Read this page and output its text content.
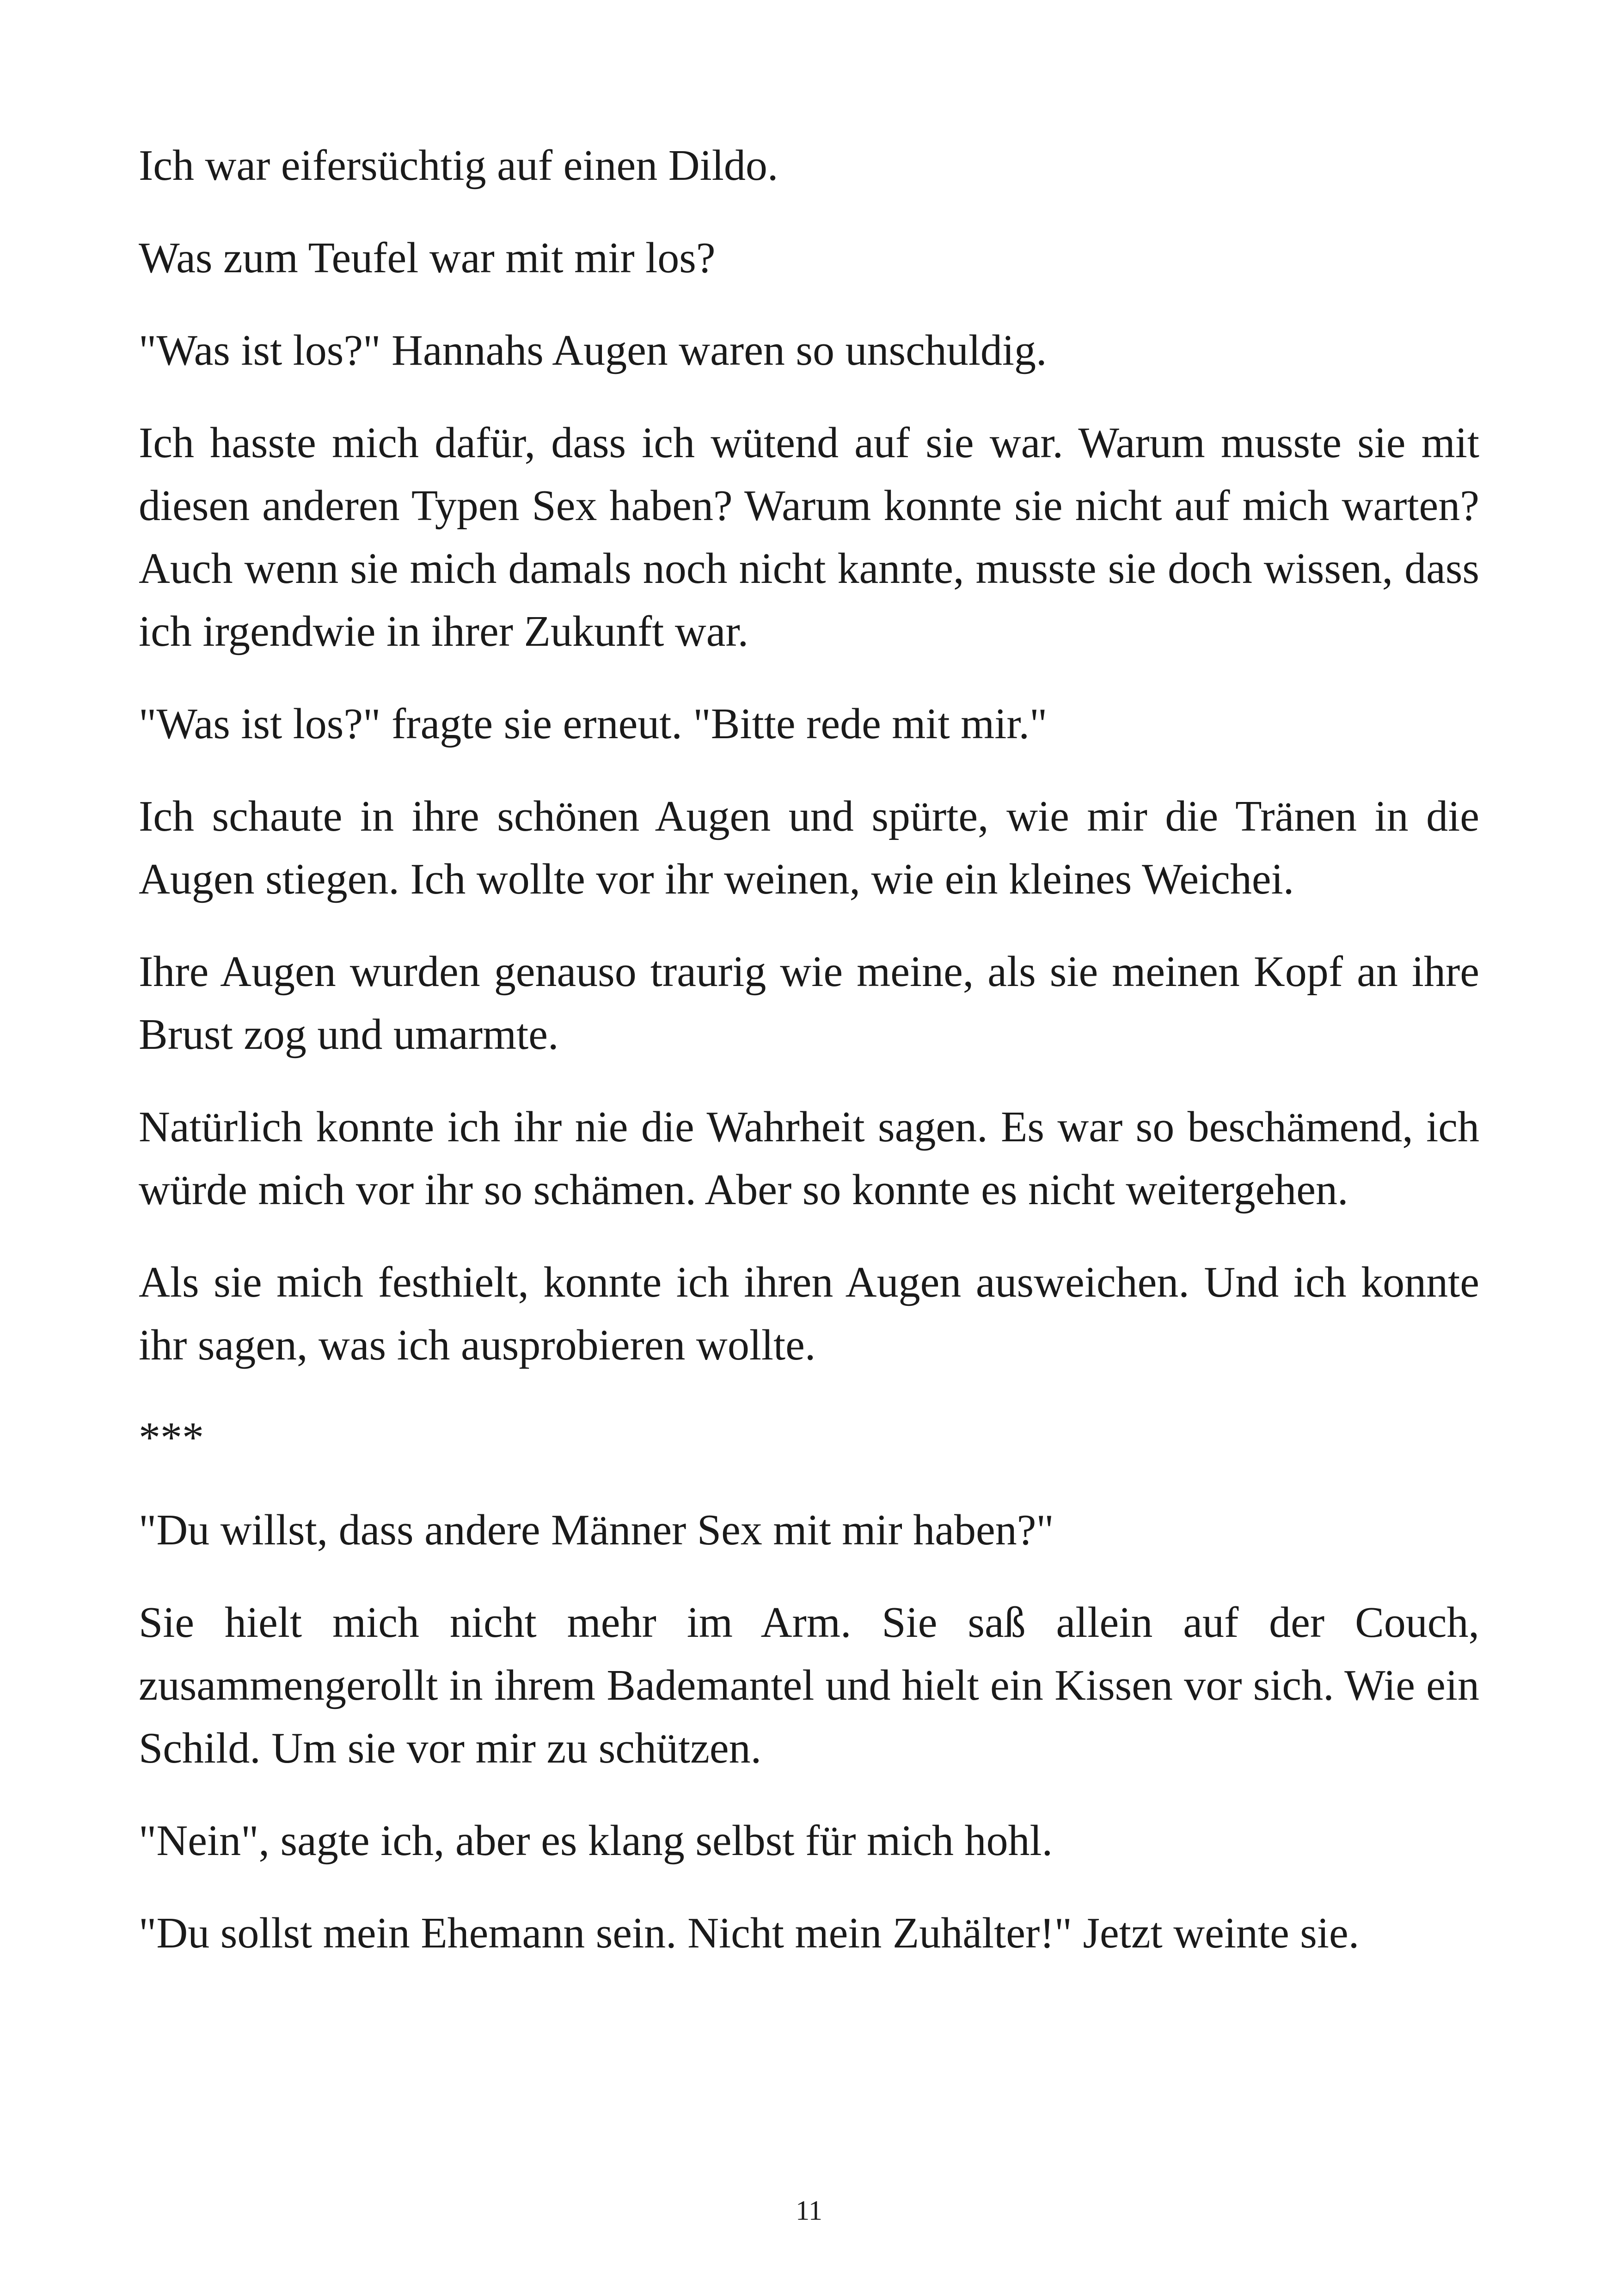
Ich war eifersüchtig auf einen Dildo.

Was zum Teufel war mit mir los?

"Was ist los?" Hannahs Augen waren so unschuldig.

Ich hasste mich dafür, dass ich wütend auf sie war. Warum musste sie mit diesen anderen Typen Sex haben? Warum konnte sie nicht auf mich warten? Auch wenn sie mich damals noch nicht kannte, musste sie doch wissen, dass ich irgendwie in ihrer Zukunft war.

"Was ist los?" fragte sie erneut. "Bitte rede mit mir."

Ich schaute in ihre schönen Augen und spürte, wie mir die Tränen in die Augen stiegen. Ich wollte vor ihr weinen, wie ein kleines Weichei.

Ihre Augen wurden genauso traurig wie meine, als sie meinen Kopf an ihre Brust zog und umarmte.

Natürlich konnte ich ihr nie die Wahrheit sagen. Es war so beschämend, ich würde mich vor ihr so schämen. Aber so konnte es nicht weitergehen.

Als sie mich festhielt, konnte ich ihren Augen ausweichen. Und ich konnte ihr sagen, was ich ausprobieren wollte.

***

"Du willst, dass andere Männer Sex mit mir haben?"

Sie hielt mich nicht mehr im Arm. Sie saß allein auf der Couch, zusammengerollt in ihrem Bademantel und hielt ein Kissen vor sich. Wie ein Schild. Um sie vor mir zu schützen.

"Nein", sagte ich, aber es klang selbst für mich hohl.

"Du sollst mein Ehemann sein. Nicht mein Zuhälter!" Jetzt weinte sie.

11
